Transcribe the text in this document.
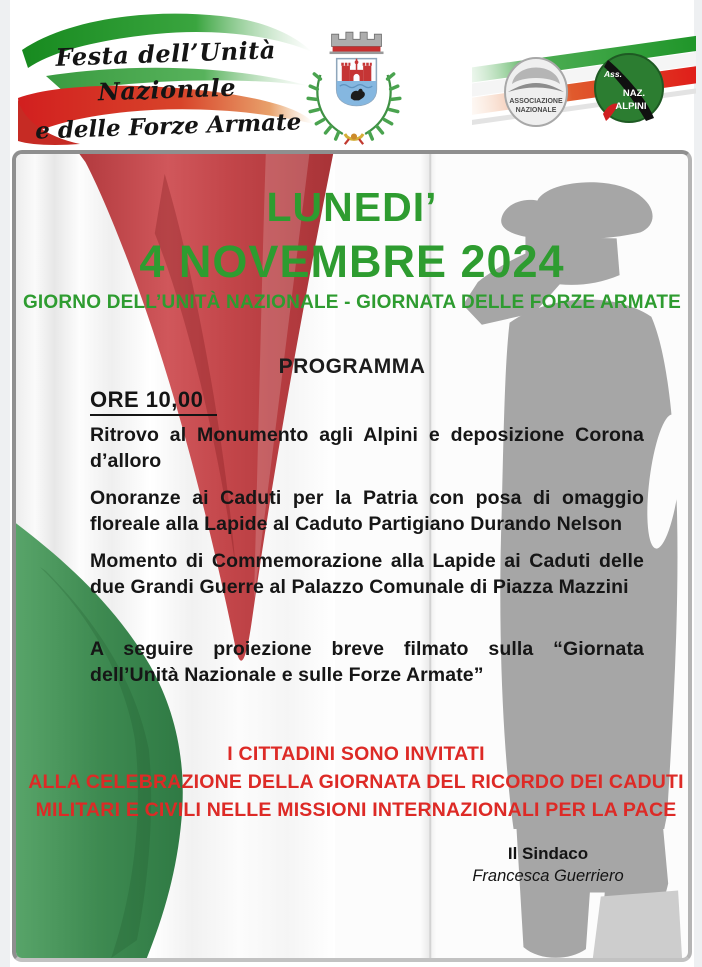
Festa dell’Unità Nazionale
e delle Forze Armate
ASSOCIAZIONE
NAZIONALE
Ass.
NAZ.
ALPINI
LUNEDI’
4 NOVEMBRE 2024
GIORNO DELL’UNITÀ NAZIONALE - GIORNATA DELLE FORZE ARMATE
PROGRAMMA
ORE 10,00

Ritrovo al Monumento agli Alpini e deposizione Corona d’alloro

Onoranze ai Caduti per la Patria con posa di omaggio floreale alla Lapide al Caduto Partigiano Durando Nelson

Momento di Commemorazione alla Lapide ai Caduti delle due Grandi Guerre al Palazzo Comunale di Piazza Mazzini

A seguire proiezione breve filmato sulla “Giornata dell’Unità Nazionale e sulle Forze Armate”

I CITTADINI SONO INVITATI
ALLA CELEBRAZIONE DELLA GIORNATA DEL RICORDO DEI CADUTI
MILITARI E CIVILI NELLE MISSIONI INTERNAZIONALI PER LA PACE
Il Sindaco
Francesca Guerriero
